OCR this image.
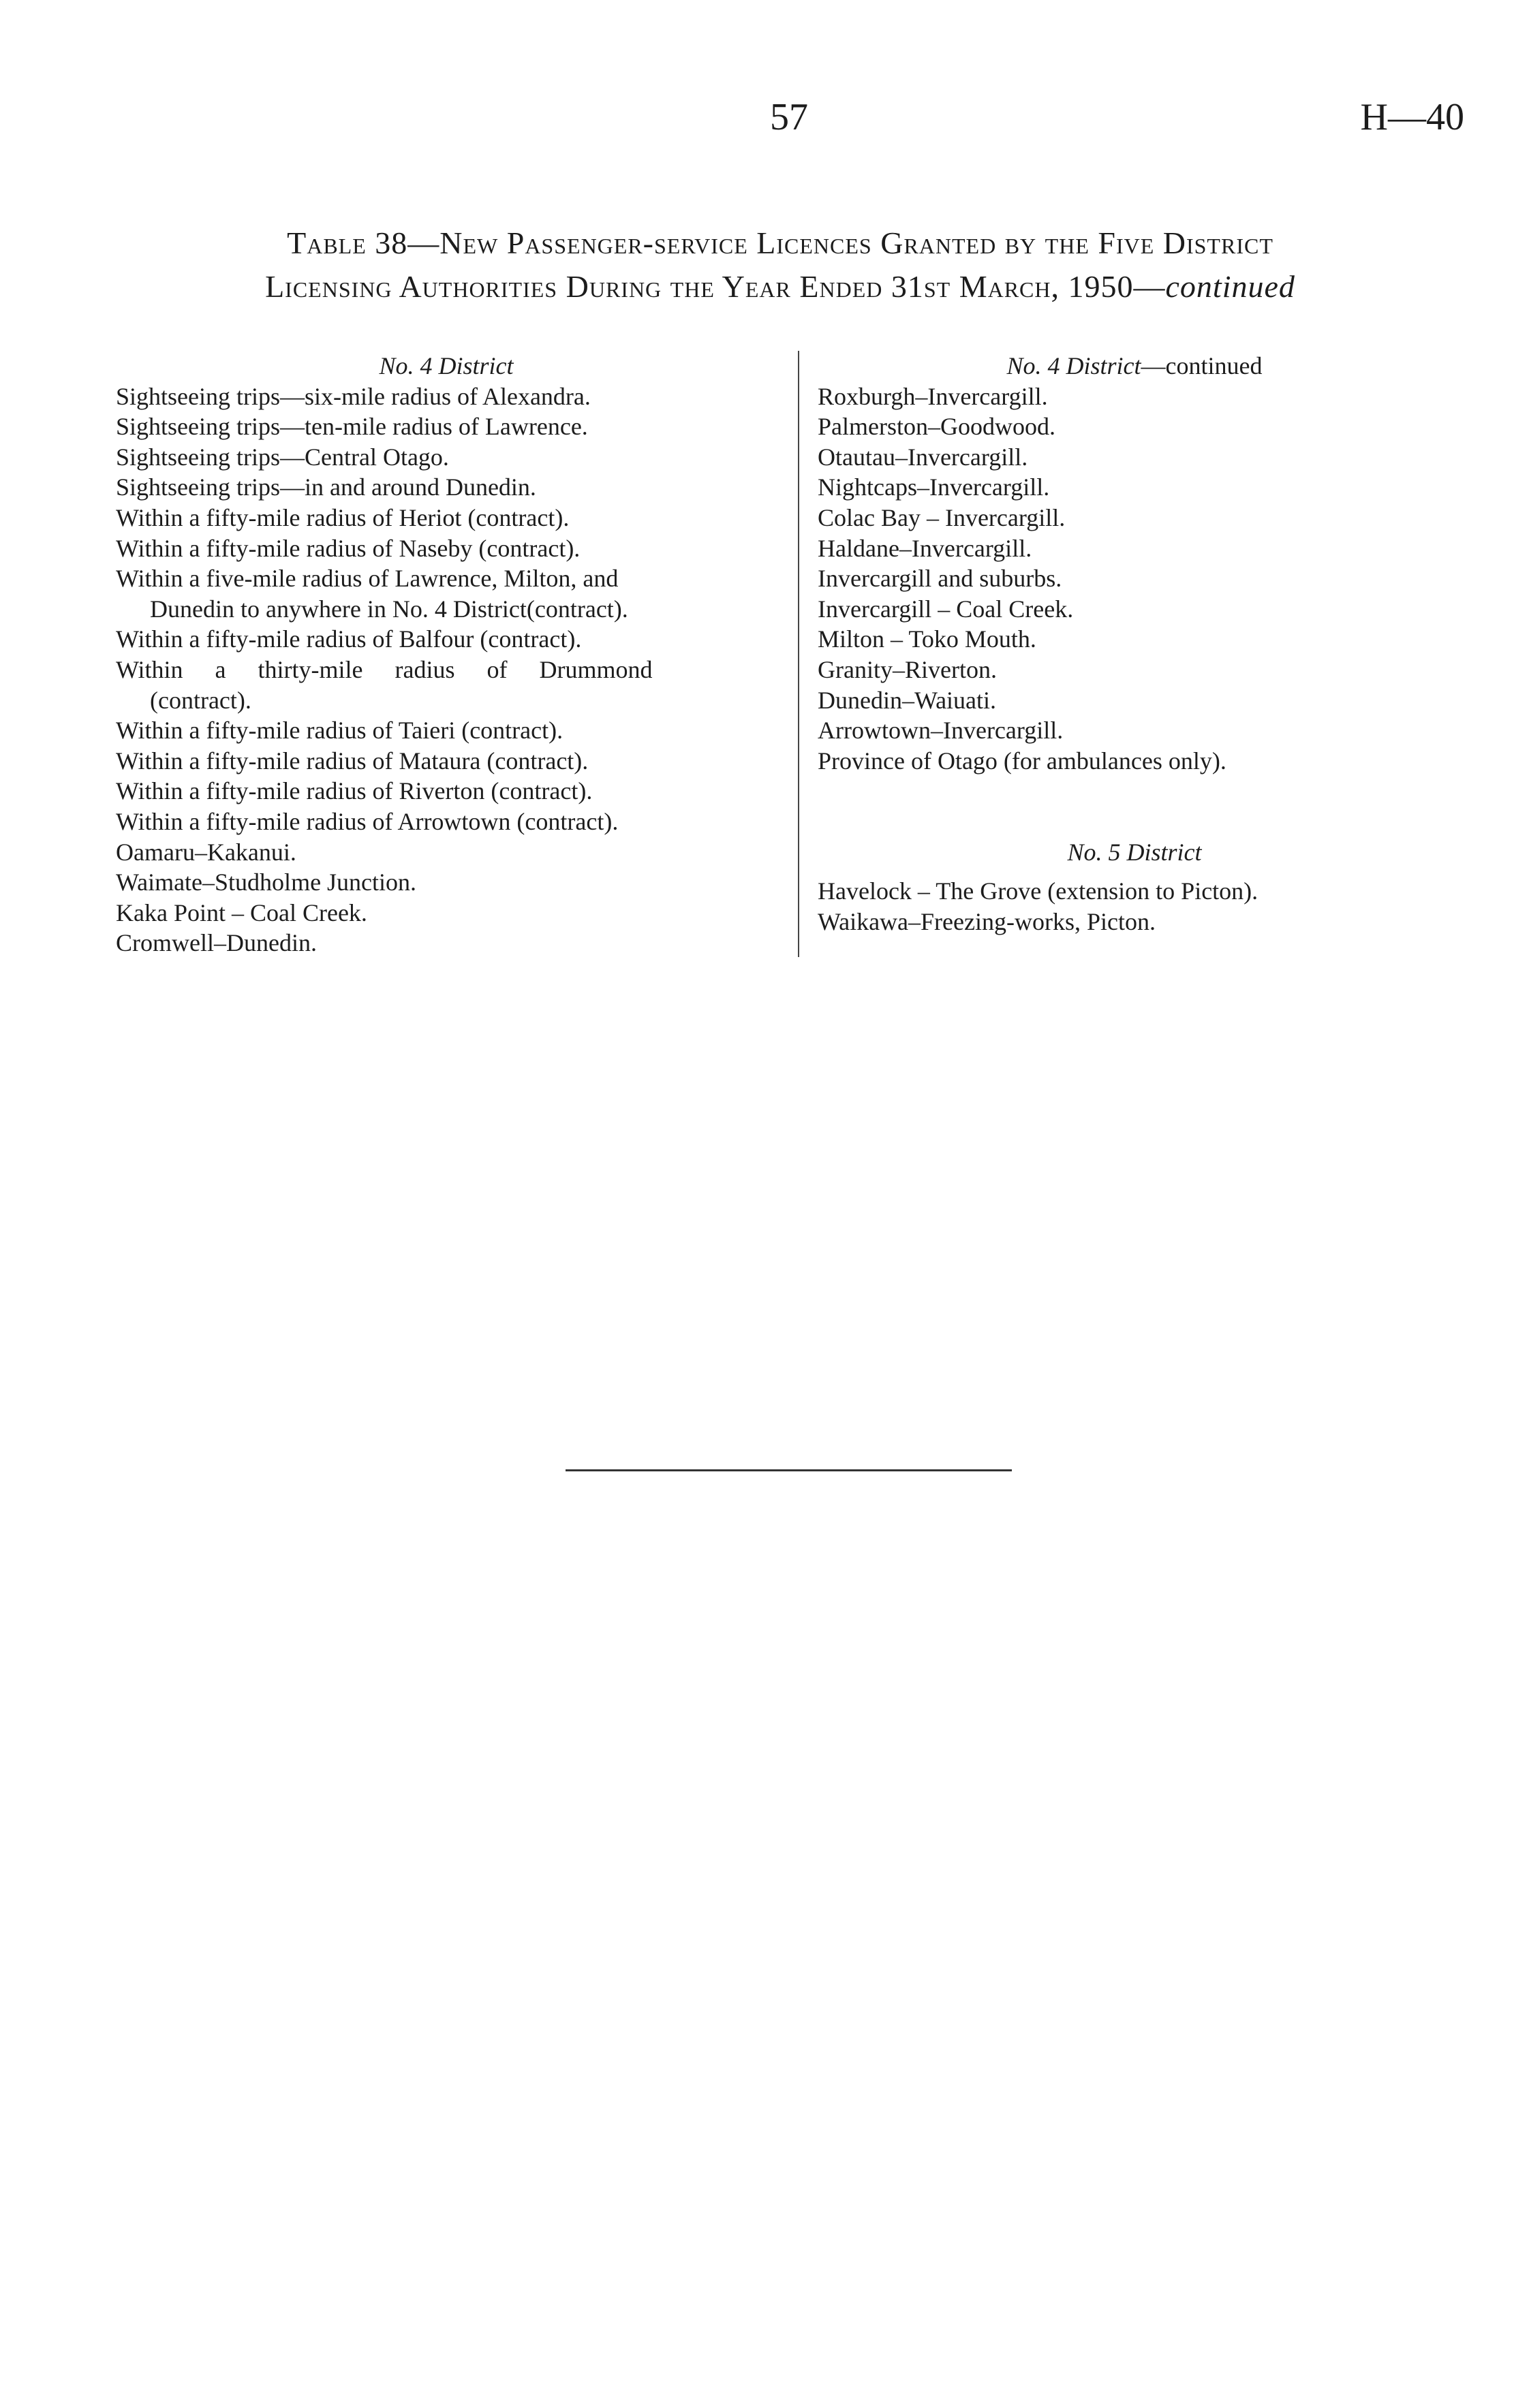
57	H—40
Table 38—New Passenger-service Licences Granted by the Five District
Licensing Authorities During the Year Ended 31st March, 1950—continued

No. 4 District

Sightseeing trips—six-mile radius of Alexandra.

Sightseeing trips—ten-mile radius of Lawrence.

Sightseeing trips—Central Otago.

Sightseeing trips—in and around Dunedin.

Within a fifty-mile radius of Heriot (contract).

Within a fifty-mile radius of Naseby (contract).

Within a five-mile radius of Lawrence, Milton, and

Dunedin to anywhere in No. 4 District(contract).

Within a fifty-mile radius of Balfour (contract).

Within a thirty-mile radius of Drummond

(contract).

Within a fifty-mile radius of Taieri (contract).

Within a fifty-mile radius of Mataura (contract).

Within a fifty-mile radius of Riverton (contract).

Within a fifty-mile radius of Arrowtown (contract).

Oamaru–Kakanui.

Waimate–Studholme Junction.

Kaka Point – Coal Creek.

Cromwell–Dunedin.

No. 4 District—continued

Roxburgh–Invercargill.

Palmerston–Goodwood.

Otautau–Invercargill.

Nightcaps–Invercargill.

Colac Bay – Invercargill.

Haldane–Invercargill.

Invercargill and suburbs.

Invercargill – Coal Creek.

Milton – Toko Mouth.

Granity–Riverton.

Dunedin–Waiuati.

Arrowtown–Invercargill.

Province of Otago (for ambulances only).

No. 5 District

Havelock – The Grove (extension to Picton).

Waikawa–Freezing-works, Picton.
